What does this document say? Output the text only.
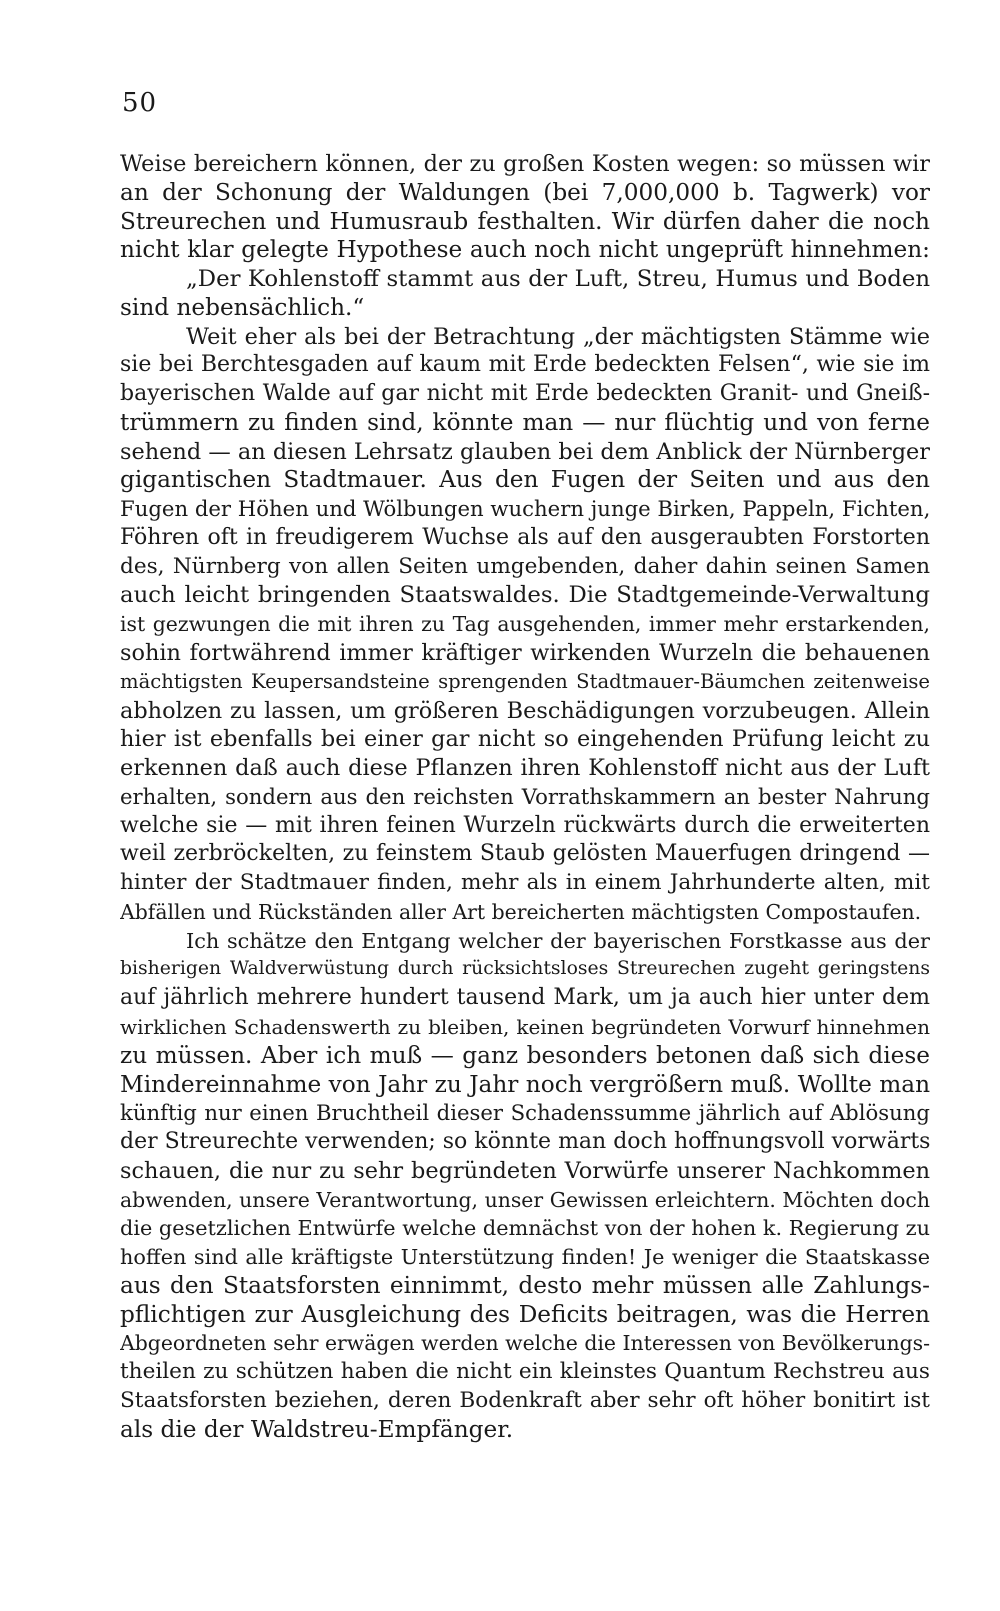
50
Weise bereichern können, der zu großen Kosten wegen: so müssen wir
an der Schonung der Waldungen (bei 7,000,000 b. Tagwerk) vor
Streurechen und Humusraub festhalten. Wir dürfen daher die noch
nicht klar gelegte Hypothese auch noch nicht ungeprüft hinnehmen:
„Der Kohlenstoff stammt aus der Luft, Streu, Humus und Boden
sind nebensächlich.“
Weit eher als bei der Betrachtung „der mächtigsten Stämme wie
sie bei Berchtesgaden auf kaum mit Erde bedeckten Felsen“, wie sie im
bayerischen Walde auf gar nicht mit Erde bedeckten Granit- und Gneiß-
trümmern zu finden sind, könnte man — nur flüchtig und von ferne
sehend — an diesen Lehrsatz glauben bei dem Anblick der Nürnberger
gigantischen Stadtmauer. Aus den Fugen der Seiten und aus den
Fugen der Höhen und Wölbungen wuchern junge Birken, Pappeln, Fichten,
Föhren oft in freudigerem Wuchse als auf den ausgeraubten Forstorten
des, Nürnberg von allen Seiten umgebenden, daher dahin seinen Samen
auch leicht bringenden Staatswaldes. Die Stadtgemeinde-Verwaltung
ist gezwungen die mit ihren zu Tag ausgehenden, immer mehr erstarkenden,
sohin fortwährend immer kräftiger wirkenden Wurzeln die behauenen
mächtigsten Keupersandsteine sprengenden Stadtmauer-Bäumchen zeitenweise
abholzen zu lassen, um größeren Beschädigungen vorzubeugen. Allein
hier ist ebenfalls bei einer gar nicht so eingehenden Prüfung leicht zu
erkennen daß auch diese Pflanzen ihren Kohlenstoff nicht aus der Luft
erhalten, sondern aus den reichsten Vorrathskammern an bester Nahrung
welche sie — mit ihren feinen Wurzeln rückwärts durch die erweiterten
weil zerbröckelten, zu feinstem Staub gelösten Mauerfugen dringend —
hinter der Stadtmauer finden, mehr als in einem Jahrhunderte alten, mit
Abfällen und Rückständen aller Art bereicherten mächtigsten Compostaufen.
Ich schätze den Entgang welcher der bayerischen Forstkasse aus der
bisherigen Waldverwüstung durch rücksichtsloses Streurechen zugeht geringstens
auf jährlich mehrere hundert tausend Mark, um ja auch hier unter dem
wirklichen Schadenswerth zu bleiben, keinen begründeten Vorwurf hinnehmen
zu müssen. Aber ich muß — ganz besonders betonen daß sich diese
Mindereinnahme von Jahr zu Jahr noch vergrößern muß. Wollte man
künftig nur einen Bruchtheil dieser Schadenssumme jährlich auf Ablösung
der Streurechte verwenden; so könnte man doch hoffnungsvoll vorwärts
schauen, die nur zu sehr begründeten Vorwürfe unserer Nachkommen
abwenden, unsere Verantwortung, unser Gewissen erleichtern. Möchten doch
die gesetzlichen Entwürfe welche demnächst von der hohen k. Regierung zu
hoffen sind alle kräftigste Unterstützung finden! Je weniger die Staatskasse
aus den Staatsforsten einnimmt, desto mehr müssen alle Zahlungs-
pflichtigen zur Ausgleichung des Deficits beitragen, was die Herren
Abgeordneten sehr erwägen werden welche die Interessen von Bevölkerungs-
theilen zu schützen haben die nicht ein kleinstes Quantum Rechstreu aus
Staatsforsten beziehen, deren Bodenkraft aber sehr oft höher bonitirt ist
als die der Waldstreu-Empfänger.
